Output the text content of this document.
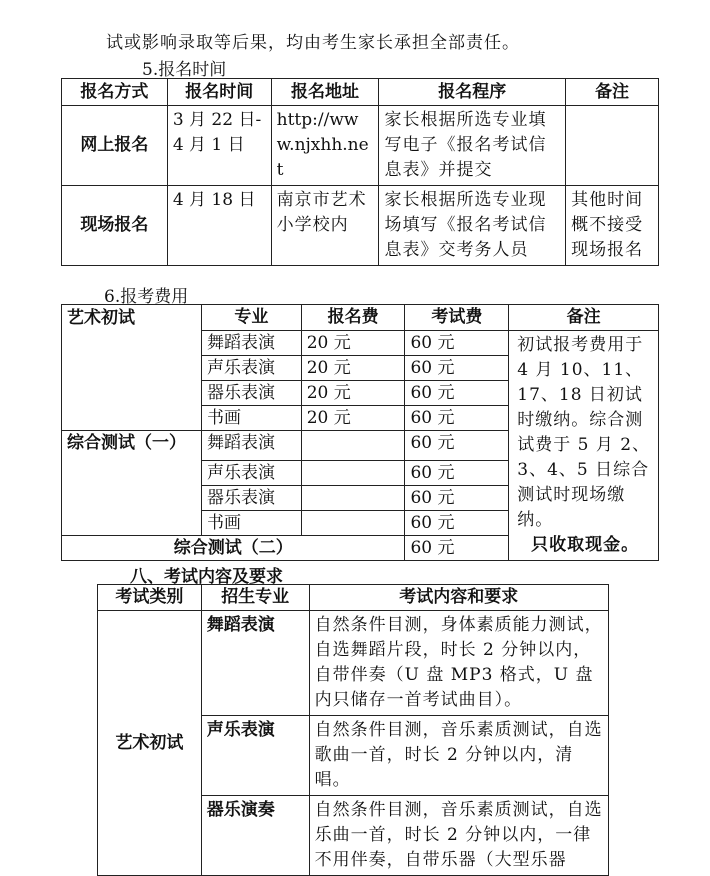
试或影响录取等后果，均由考生家长承担全部责任。
5.报名时间
报名方式	报名时间	报名地址	报名程序	备注
网上报名	3 月 22 日-4 月 1 日	http://www.njxhh.net	家长根据所选专业填写电子《报名考试信息表》并提交	
现场报名	4 月 18 日	南京市艺术小学校内	家长根据所选专业现场填写《报名考试信息表》交考务人员	其他时间概不接受现场报名
6.报考费用
艺术初试	专业	报名费	考试费	备注
	舞蹈表演	20 元	60 元	初试报考费用于 4 月 10、11、17、18 日初试时缴纳。综合测试费于 5 月 2、3、4、5 日综合测试时现场缴纳。
只收取现金。

	声乐表演	20 元	60 元	
	器乐表演	20 元	60 元	
	书画	20 元	60 元	
综合测试（一）	舞蹈表演		60 元	
	声乐表演		60 元	
	器乐表演		60 元	
	书画		60 元	
综合测试（二）			60 元	
八、考试内容及要求
考试类别	招生专业	考试内容和要求
艺术初试	舞蹈表演	自然条件目测，身体素质能力测试，自选舞蹈片段，时长 2 分钟以内，自带伴奏（U 盘 MP3 格式，U 盘内只储存一首考试曲目）。
	声乐表演	自然条件目测，音乐素质测试，自选歌曲一首，时长 2 分钟以内，清唱。
	器乐演奏	自然条件目测，音乐素质测试，自选乐曲一首，时长 2 分钟以内，一律不用伴奏，自带乐器（大型乐器
